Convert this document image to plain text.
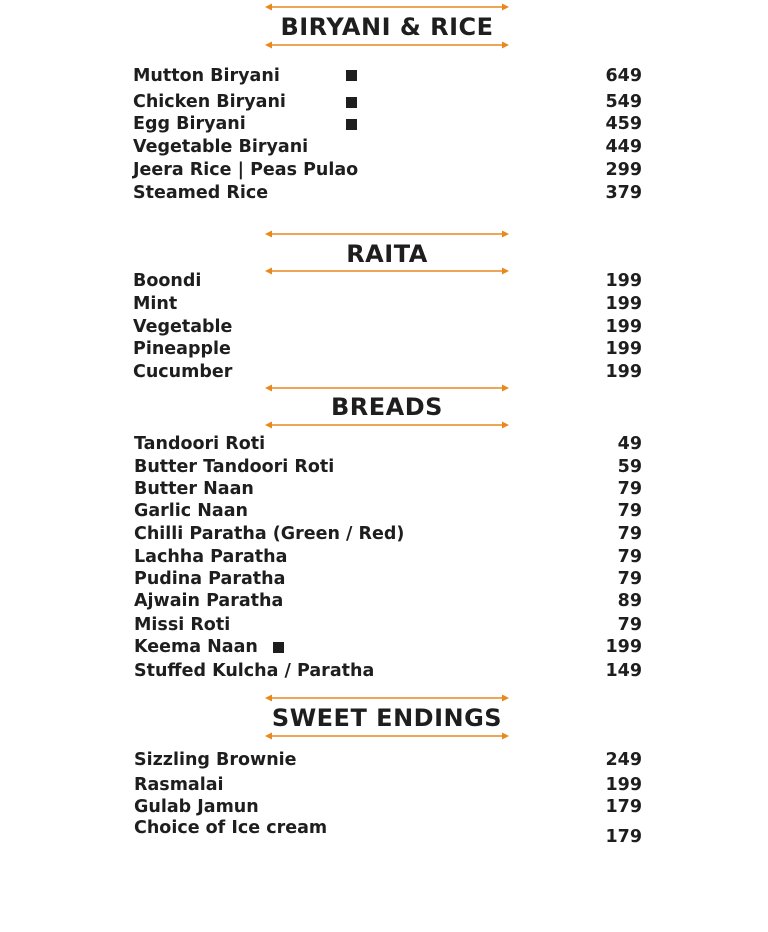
BIRYANI & RICE
Mutton Biryani	649
Chicken Biryani	549
Egg Biryani	459
Vegetable Biryani	449
Jeera Rice | Peas Pulao	299
Steamed Rice	379
RAITA
Boondi	199
Mint	199
Vegetable	199
Pineapple	199
Cucumber	199
BREADS
Tandoori Roti	49
Butter Tandoori Roti	59
Butter Naan	79
Garlic Naan	79
Chilli Paratha (Green / Red)	79
Lachha Paratha	79
Pudina Paratha	79
Ajwain Paratha	89
Missi Roti	79
Keema Naan	199
Stuffed Kulcha / Paratha	149
SWEET ENDINGS
Sizzling Brownie	249
Rasmalai	199
Gulab Jamun	179
Choice of Ice cream	179
